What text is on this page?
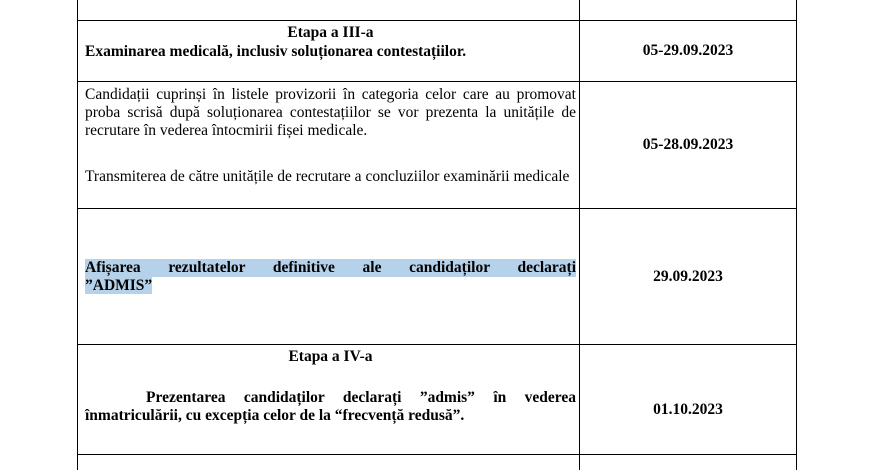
Etapa a III-a
Examinarea medicală, inclusiv soluționarea contestațiilor.	05-29.09.2023
Candidații cuprinși în listele provizorii în categoria celor care au promovat proba scrisă după soluționarea contestațiilor se vor prezenta la unitățile de recrutare în vederea întocmirii fișei medicale.
Transmiterea de către unitățile de recrutare a concluziilor examinării medicale
05-28.09.2023
Afișarea rezultatelor definitive ale candidaților declarați
”ADMIS”
29.09.2023
Etapa a IV-a
Prezentarea candidaților declarați ”admis” în vederea înmatriculării, cu excepția celor de la “frecvență redusă”.	01.10.2023
